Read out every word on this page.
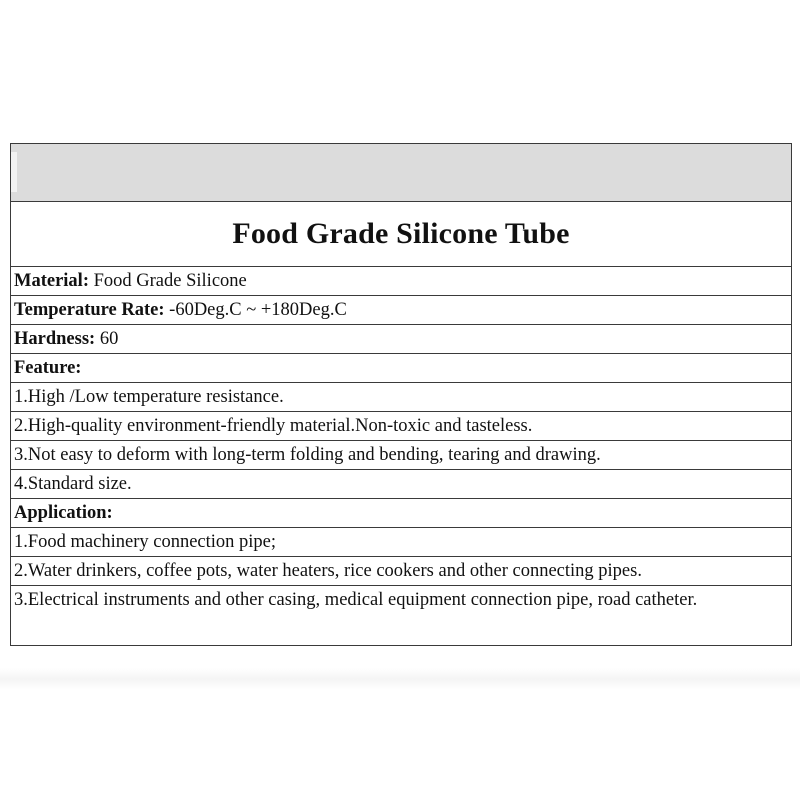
Food Grade Silicone Tube
Material: Food Grade Silicone
Temperature Rate: -60Deg.C ~ +180Deg.C
Hardness: 60
Feature:
1.High /Low temperature resistance.
2.High-quality environment-friendly material.Non-toxic and tasteless.
3.Not easy to deform with long-term folding and bending, tearing and drawing.
4.Standard size.
Application:
1.Food machinery connection pipe;
2.Water drinkers, coffee pots, water heaters, rice cookers and other connecting pipes.
3.Electrical instruments and other casing, medical equipment connection pipe, road catheter.
